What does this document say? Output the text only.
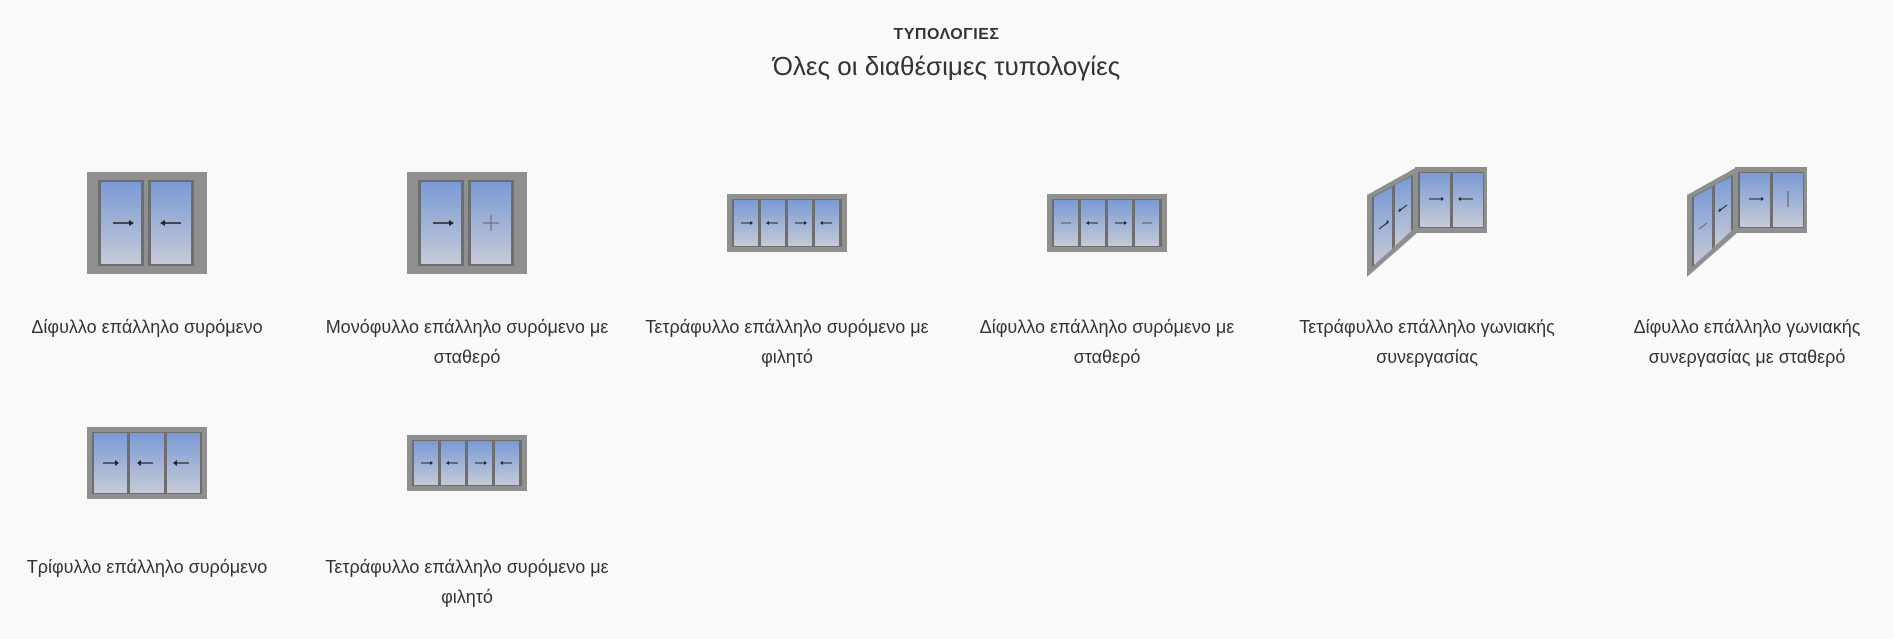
ΤΥΠΟΛΟΓΙΕΣ
Όλες οι διαθέσιμες τυπολογίες
Δίφυλλο επάλληλο συρόμενο	Μονόφυλλο επάλληλο συρόμενο με σταθερό
Τετράφυλλο επάλληλο συρόμενο με φιλητό
Δίφυλλο επάλληλο συρόμενο με σταθερό
Τετράφυλλο επάλληλο γωνιακής συνεργασίας
Δίφυλλο επάλληλο γωνιακής συνεργασίας με σταθερό
Τρίφυλλο επάλληλο συρόμενο	Τετράφυλλο επάλληλο συρόμενο με φιλητό
